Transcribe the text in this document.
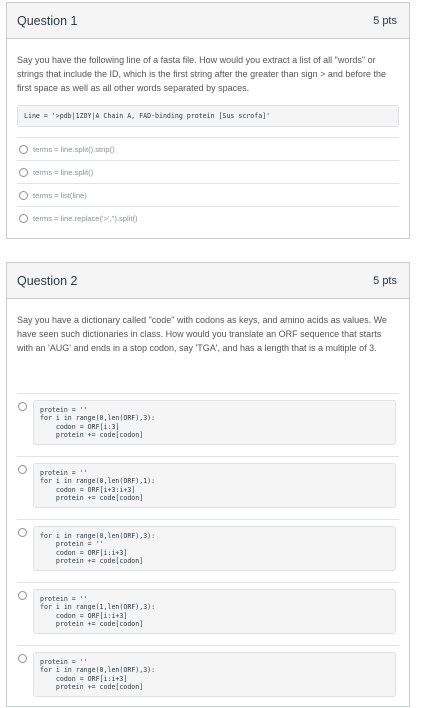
Question 1	5 pts

Say you have the following line of a fasta file. How would you extract a list of all "words" or strings that include the ID, which is the first string after the greater than sign > and before the first space as well as all other words separated by spaces.

Line = '>pdb|1ZOY|A Chain A, FAD-binding protein [Sus scrofa]'
terms = line.split().strip()
terms = line.split()
terms = list(line)
terms = line.replace('>','').split()
Question 2	5 pts

Say you have a dictionary called "code" with codons as keys, and amino acids as values. We have seen such dictionaries in class. How would you translate an ORF sequence that starts with an 'AUG' and ends in a stop codon, say 'TGA', and has a length that is a multiple of 3.

protein = ''
for i in range(0,len(ORF),3):
codon = ORF[i:3]
protein += code[codon]
protein = ''
for i in range(0,len(ORF),1):
codon = ORF[i+3:i+3]
protein += code[codon]
for i in range(0,len(ORF),3):
protein = ''
codon = ORF[i:i+3]
protein += code[codon]
protein = ''
for i in range(1,len(ORF),3):
codon = ORF[i:i+3]
protein += code[codon]
protein = ''
for i in range(0,len(ORF),3):
codon = ORF[i:i+3]
protein += code[codon]
